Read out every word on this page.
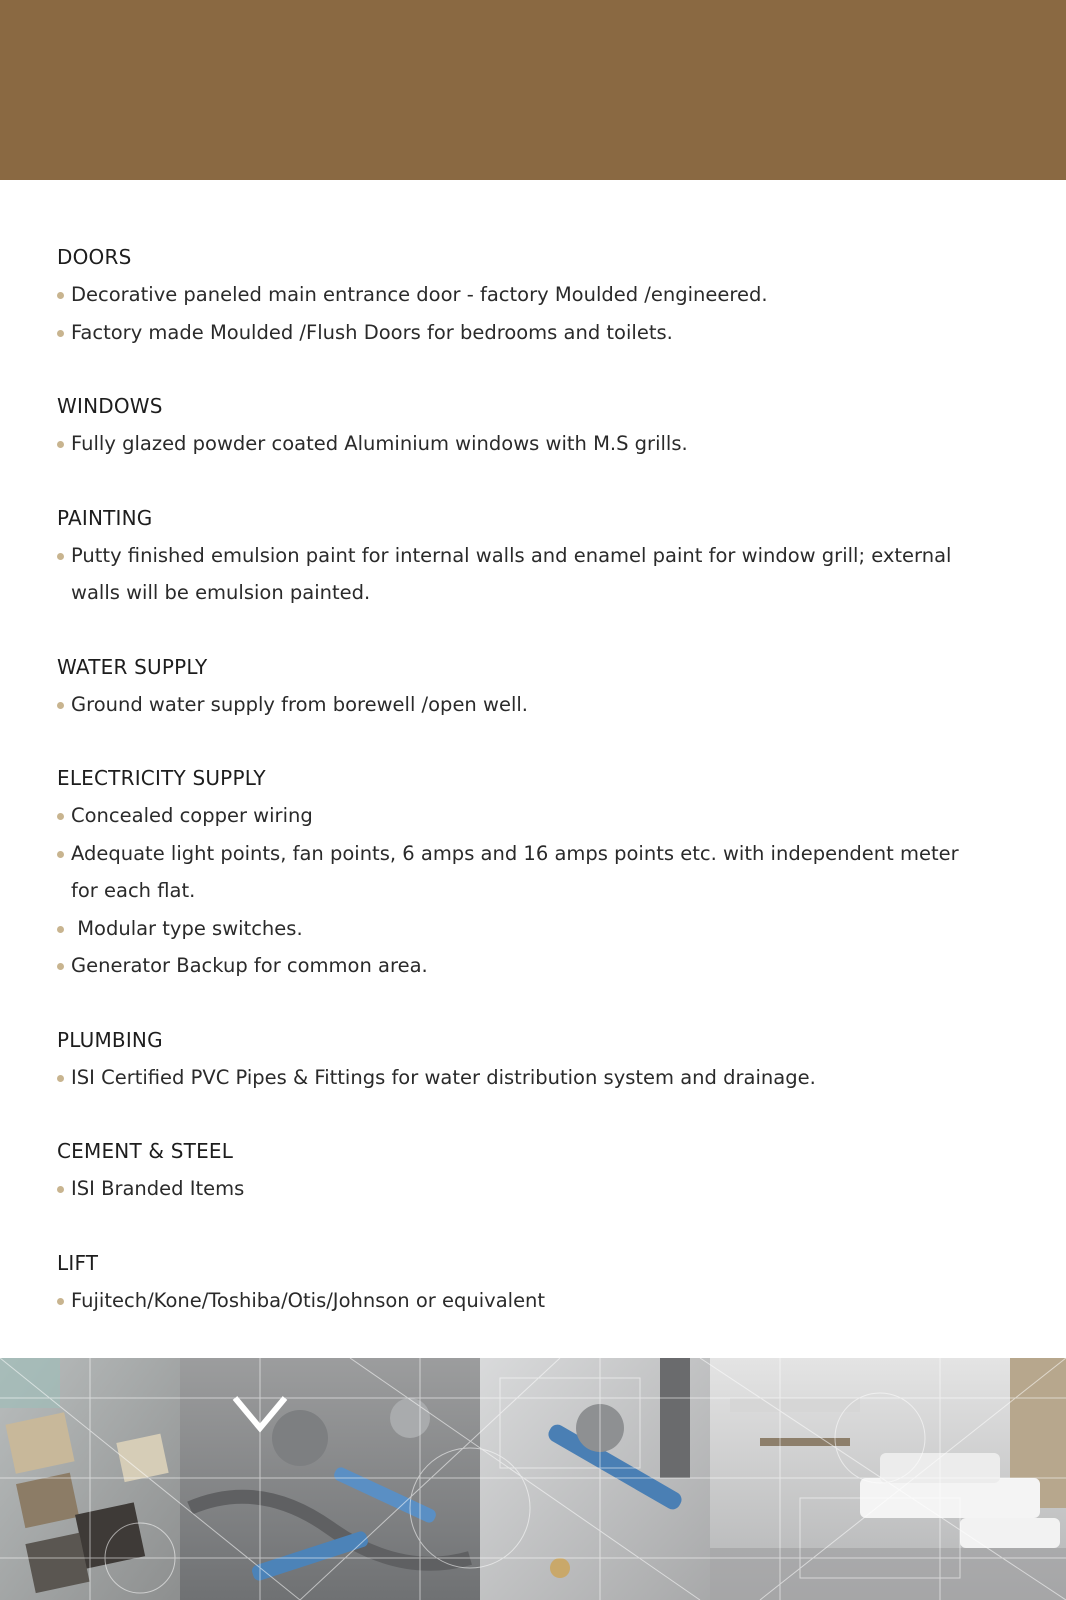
DOORS
Decorative paneled main entrance door - factory Moulded /engineered.
Factory made Moulded /Flush Doors for bedrooms and toilets.
WINDOWS
Fully glazed powder coated Aluminium windows with M.S grills.
PAINTING
Putty finished emulsion paint for internal walls and enamel paint for window grill; external walls will be emulsion painted.
WATER SUPPLY
Ground water supply from borewell /open well.
ELECTRICITY SUPPLY
Concealed copper wiring
Adequate light points, fan points, 6 amps and 16 amps points etc. with independent meter for each flat.
Modular type switches.
Generator Backup for common area.
PLUMBING
ISI Certified PVC Pipes & Fittings for water distribution system and drainage.
CEMENT & STEEL
ISI Branded Items
LIFT
Fujitech/Kone/Toshiba/Otis/Johnson or equivalent
